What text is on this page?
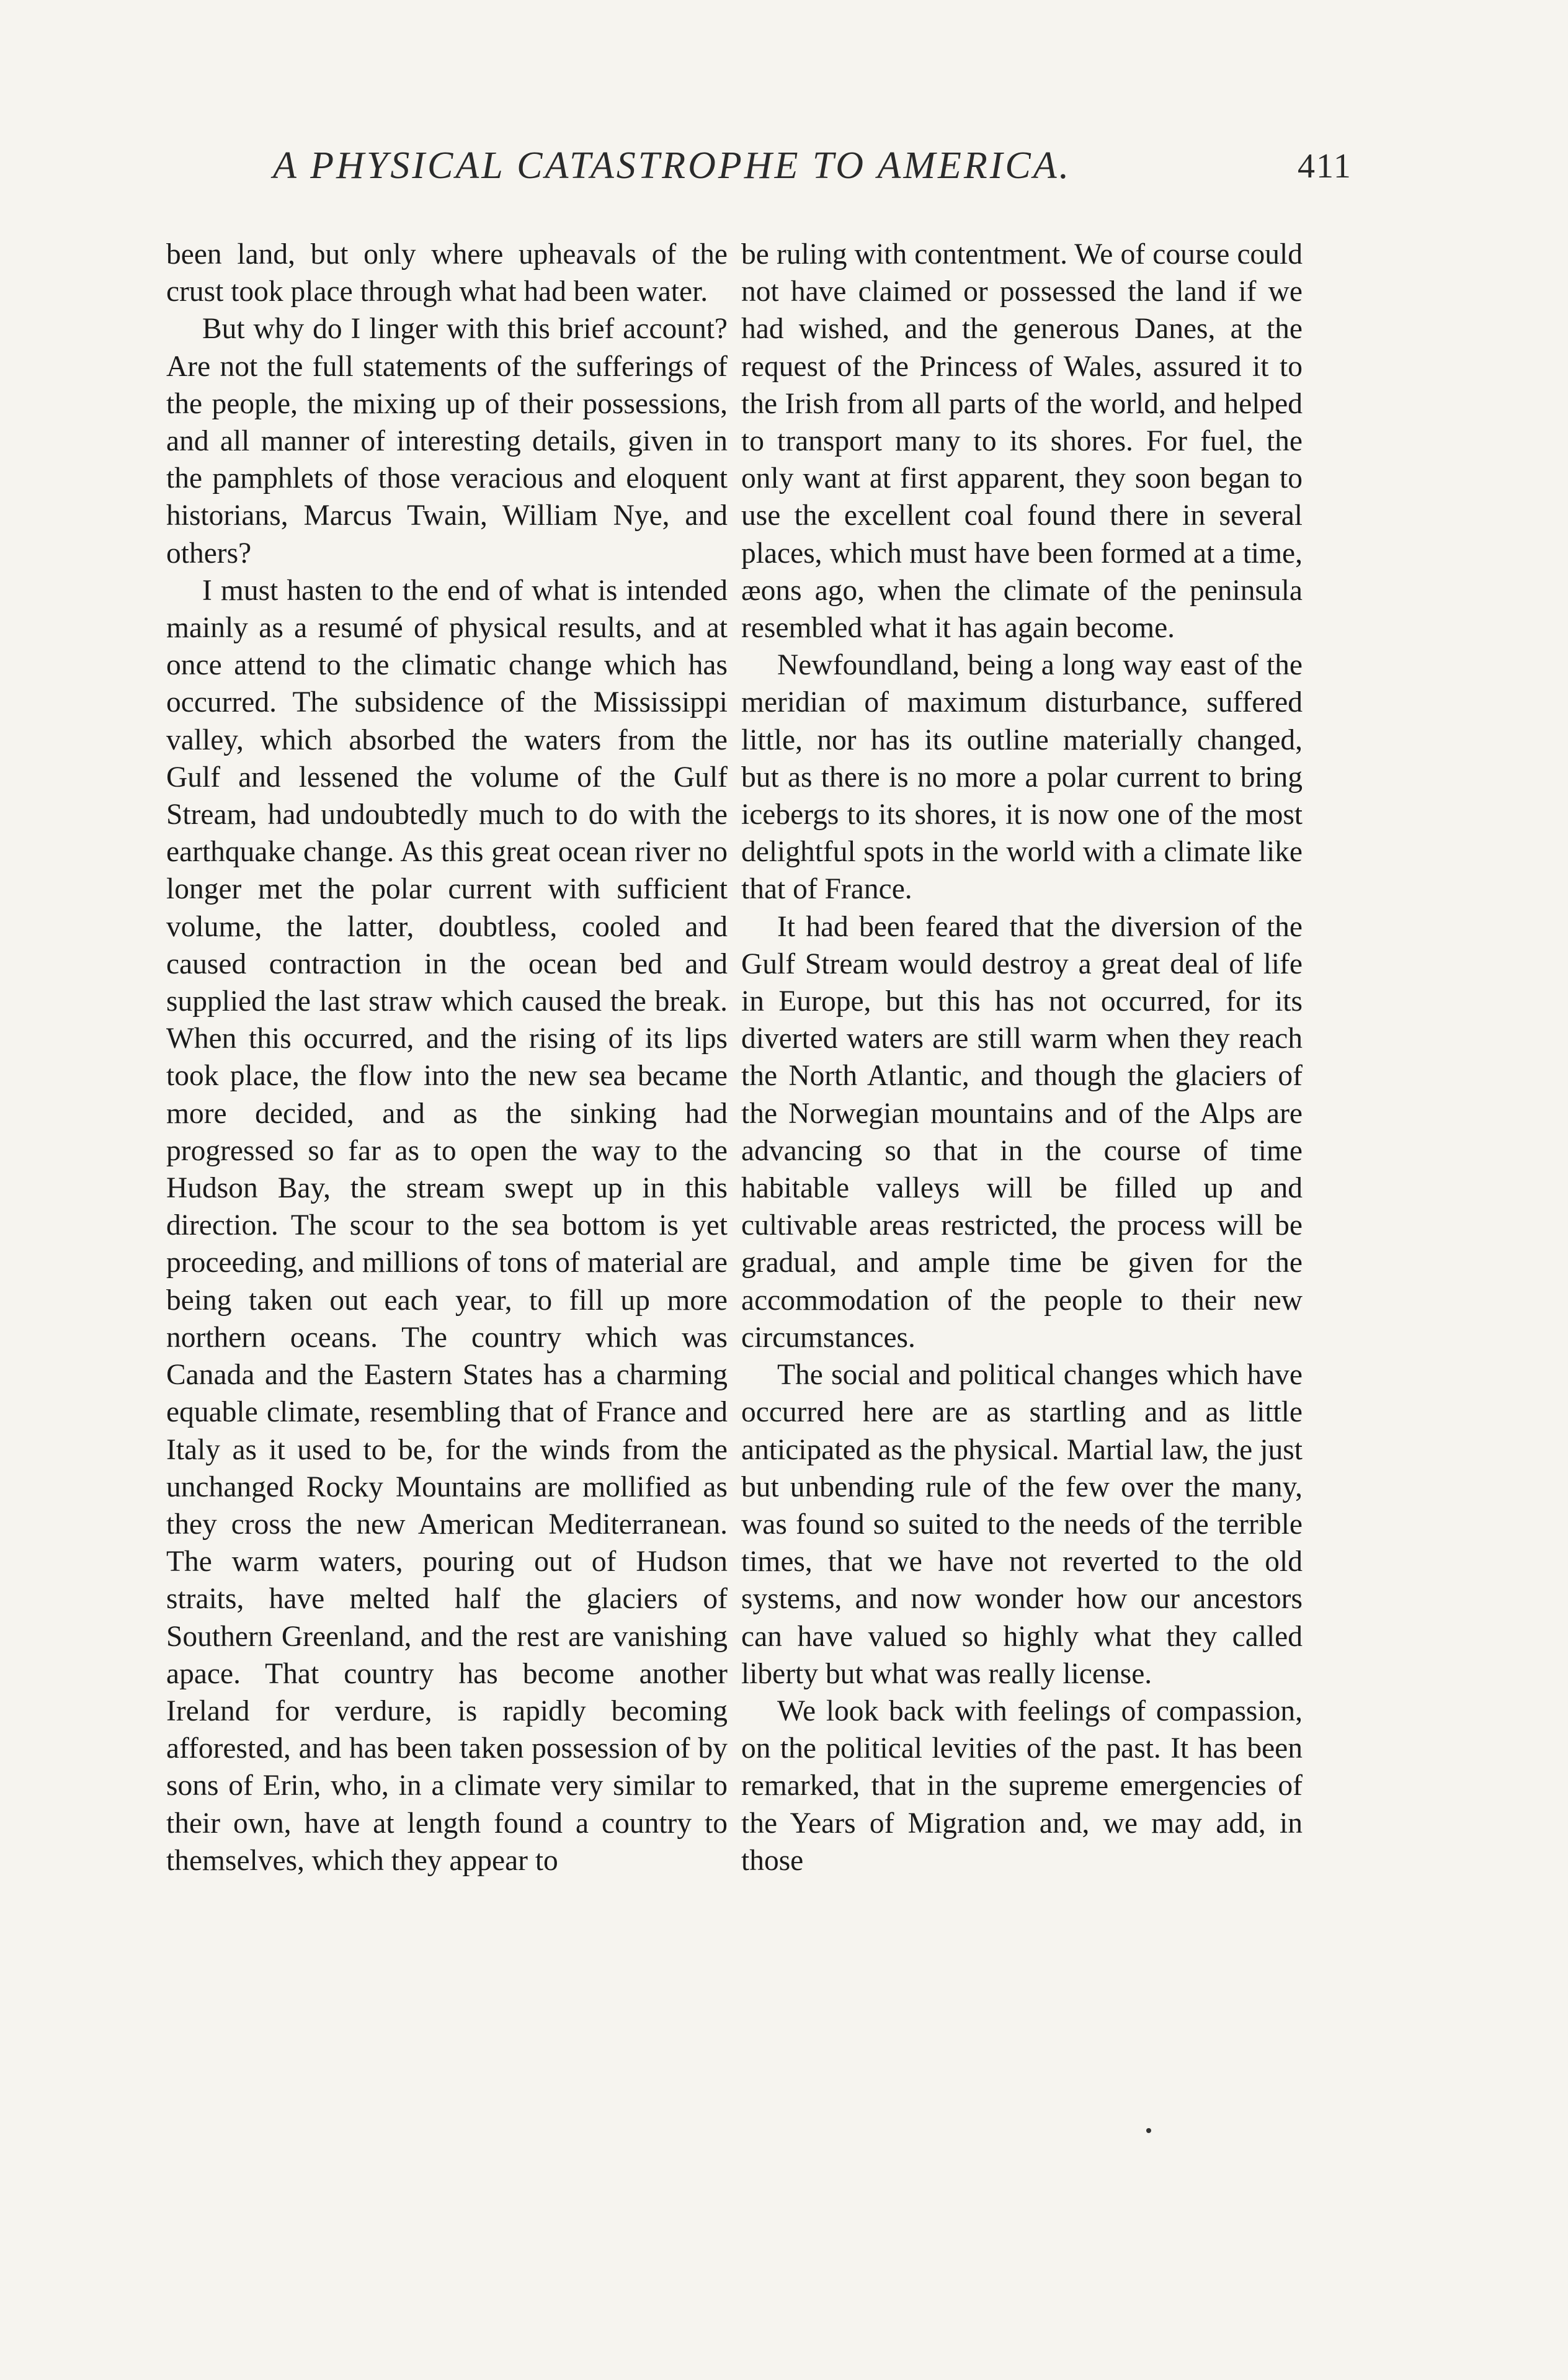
A PHYSICAL CATASTROPHE TO AMERICA.	411

been land, but only where upheavals of the crust took place through what had been water.

But why do I linger with this brief account? Are not the full statements of the sufferings of the people, the mixing up of their possessions, and all manner of interesting details, given in the pamphlets of those veracious and eloquent historians, Marcus Twain, William Nye, and others?

I must hasten to the end of what is intended mainly as a resumé of physical results, and at once attend to the climatic change which has occurred. The subsidence of the Mississippi valley, which absorbed the waters from the Gulf and lessened the volume of the Gulf Stream, had undoubtedly much to do with the earthquake change. As this great ocean river no longer met the polar current with sufficient volume, the latter, doubtless, cooled and caused contraction in the ocean bed and supplied the last straw which caused the break. When this occurred, and the rising of its lips took place, the flow into the new sea became more decided, and as the sinking had progressed so far as to open the way to the Hudson Bay, the stream swept up in this direction. The scour to the sea bottom is yet proceeding, and millions of tons of material are being taken out each year, to fill up more northern oceans. The country which was Canada and the Eastern States has a charming equable climate, resembling that of France and Italy as it used to be, for the winds from the unchanged Rocky Mountains are mollified as they cross the new American Mediterranean. The warm waters, pouring out of Hudson straits, have melted half the glaciers of Southern Greenland, and the rest are vanishing apace. That country has become another Ireland for verdure, is rapidly becoming afforested, and has been taken possession of by sons of Erin, who, in a climate very similar to their own, have at length found a country to themselves, which they appear to

be ruling with contentment. We of course could not have claimed or possessed the land if we had wished, and the generous Danes, at the request of the Princess of Wales, assured it to the Irish from all parts of the world, and helped to transport many to its shores. For fuel, the only want at first apparent, they soon began to use the excellent coal found there in several places, which must have been formed at a time, æons ago, when the climate of the peninsula resembled what it has again become.

Newfoundland, being a long way east of the meridian of maximum disturbance, suffered little, nor has its outline materially changed, but as there is no more a polar current to bring icebergs to its shores, it is now one of the most delightful spots in the world with a climate like that of France.

It had been feared that the diversion of the Gulf Stream would destroy a great deal of life in Europe, but this has not occurred, for its diverted waters are still warm when they reach the North Atlantic, and though the glaciers of the Norwegian mountains and of the Alps are advancing so that in the course of time habitable valleys will be filled up and cultivable areas restricted, the process will be gradual, and ample time be given for the accommodation of the people to their new circumstances.

The social and political changes which have occurred here are as startling and as little anticipated as the physical. Martial law, the just but unbending rule of the few over the many, was found so suited to the needs of the terrible times, that we have not reverted to the old systems, and now wonder how our ancestors can have valued so highly what they called liberty but what was really license.

We look back with feelings of compassion, on the political levities of the past. It has been remarked, that in the supreme emergencies of the Years of Migration and, we may add, in those
